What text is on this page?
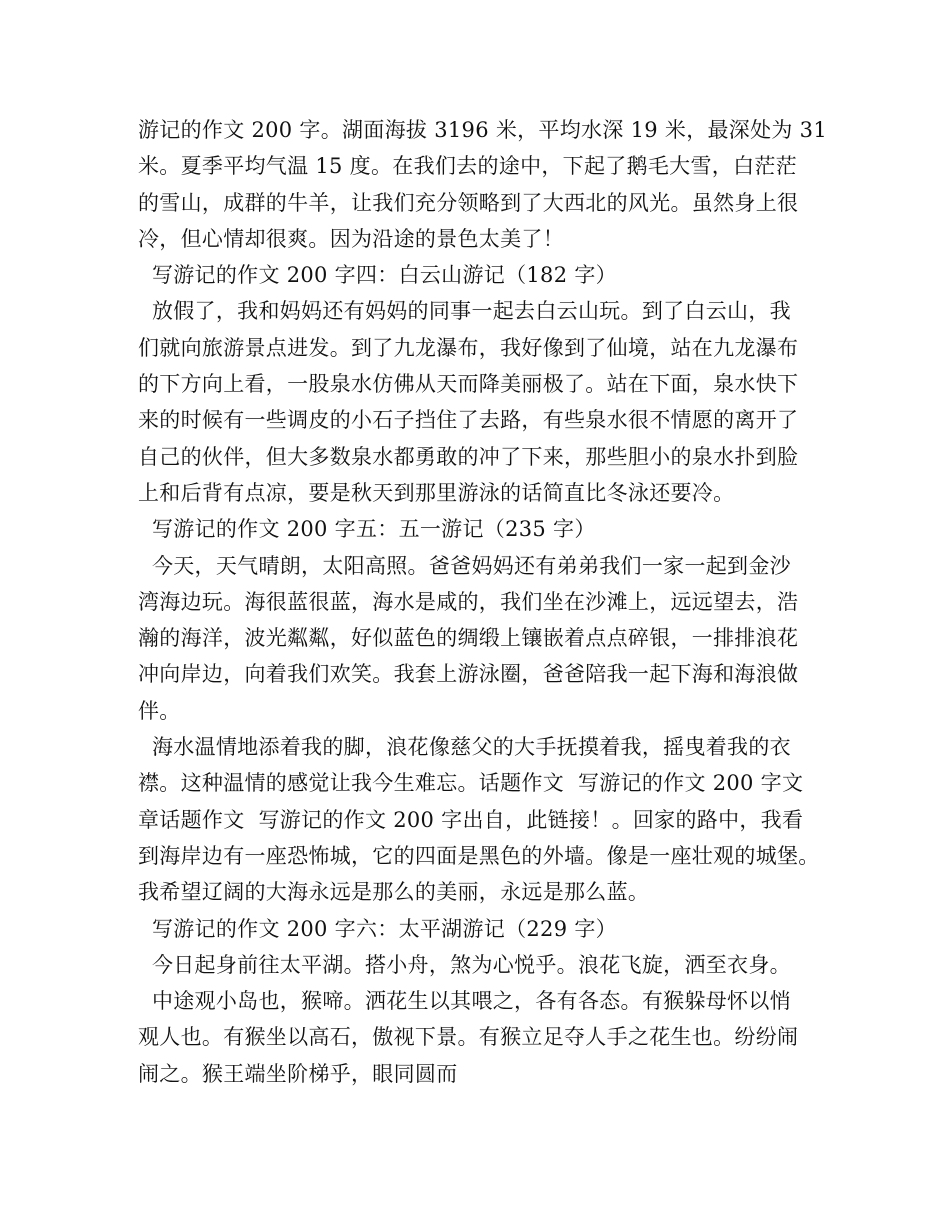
游记的作文 200 字。湖面海拔 3196 米，平均水深 19 米，最深处为 31
米。夏季平均气温 15 度。在我们去的途中，下起了鹅毛大雪，白茫茫
的雪山，成群的牛羊，让我们充分领略到了大西北的风光。虽然身上很
冷，但心情却很爽。因为沿途的景色太美了！
写游记的作文 200 字四：白云山游记（182 字）
放假了，我和妈妈还有妈妈的同事一起去白云山玩。到了白云山，我
们就向旅游景点进发。到了九龙瀑布，我好像到了仙境，站在九龙瀑布
的下方向上看，一股泉水仿佛从天而降美丽极了。站在下面，泉水快下
来的时候有一些调皮的小石子挡住了去路，有些泉水很不情愿的离开了
自己的伙伴，但大多数泉水都勇敢的冲了下来，那些胆小的泉水扑到脸
上和后背有点凉，要是秋天到那里游泳的话简直比冬泳还要冷。
写游记的作文 200 字五：五一游记（235 字）
今天，天气晴朗，太阳高照。爸爸妈妈还有弟弟我们一家一起到金沙
湾海边玩。海很蓝很蓝，海水是咸的，我们坐在沙滩上，远远望去，浩
瀚的海洋，波光粼粼，好似蓝色的绸缎上镶嵌着点点碎银，一排排浪花
冲向岸边，向着我们欢笑。我套上游泳圈，爸爸陪我一起下海和海浪做
伴。
海水温情地添着我的脚，浪花像慈父的大手抚摸着我，摇曳着我的衣
襟。这种温情的感觉让我今生难忘。话题作文  写游记的作文 200 字文
章话题作文  写游记的作文 200 字出自，此链接！。回家的路中，我看
到海岸边有一座恐怖城，它的四面是黑色的外墙。像是一座壮观的城堡。
我希望辽阔的大海永远是那么的美丽，永远是那么蓝。
写游记的作文 200 字六：太平湖游记（229 字）
今日起身前往太平湖。搭小舟，煞为心悦乎。浪花飞旋，洒至衣身。
中途观小岛也，猴啼。洒花生以其喂之，各有各态。有猴躲母怀以悄
观人也。有猴坐以高石，傲视下景。有猴立足夺人手之花生也。纷纷闹
闹之。猴王端坐阶梯乎，眼同圆而
